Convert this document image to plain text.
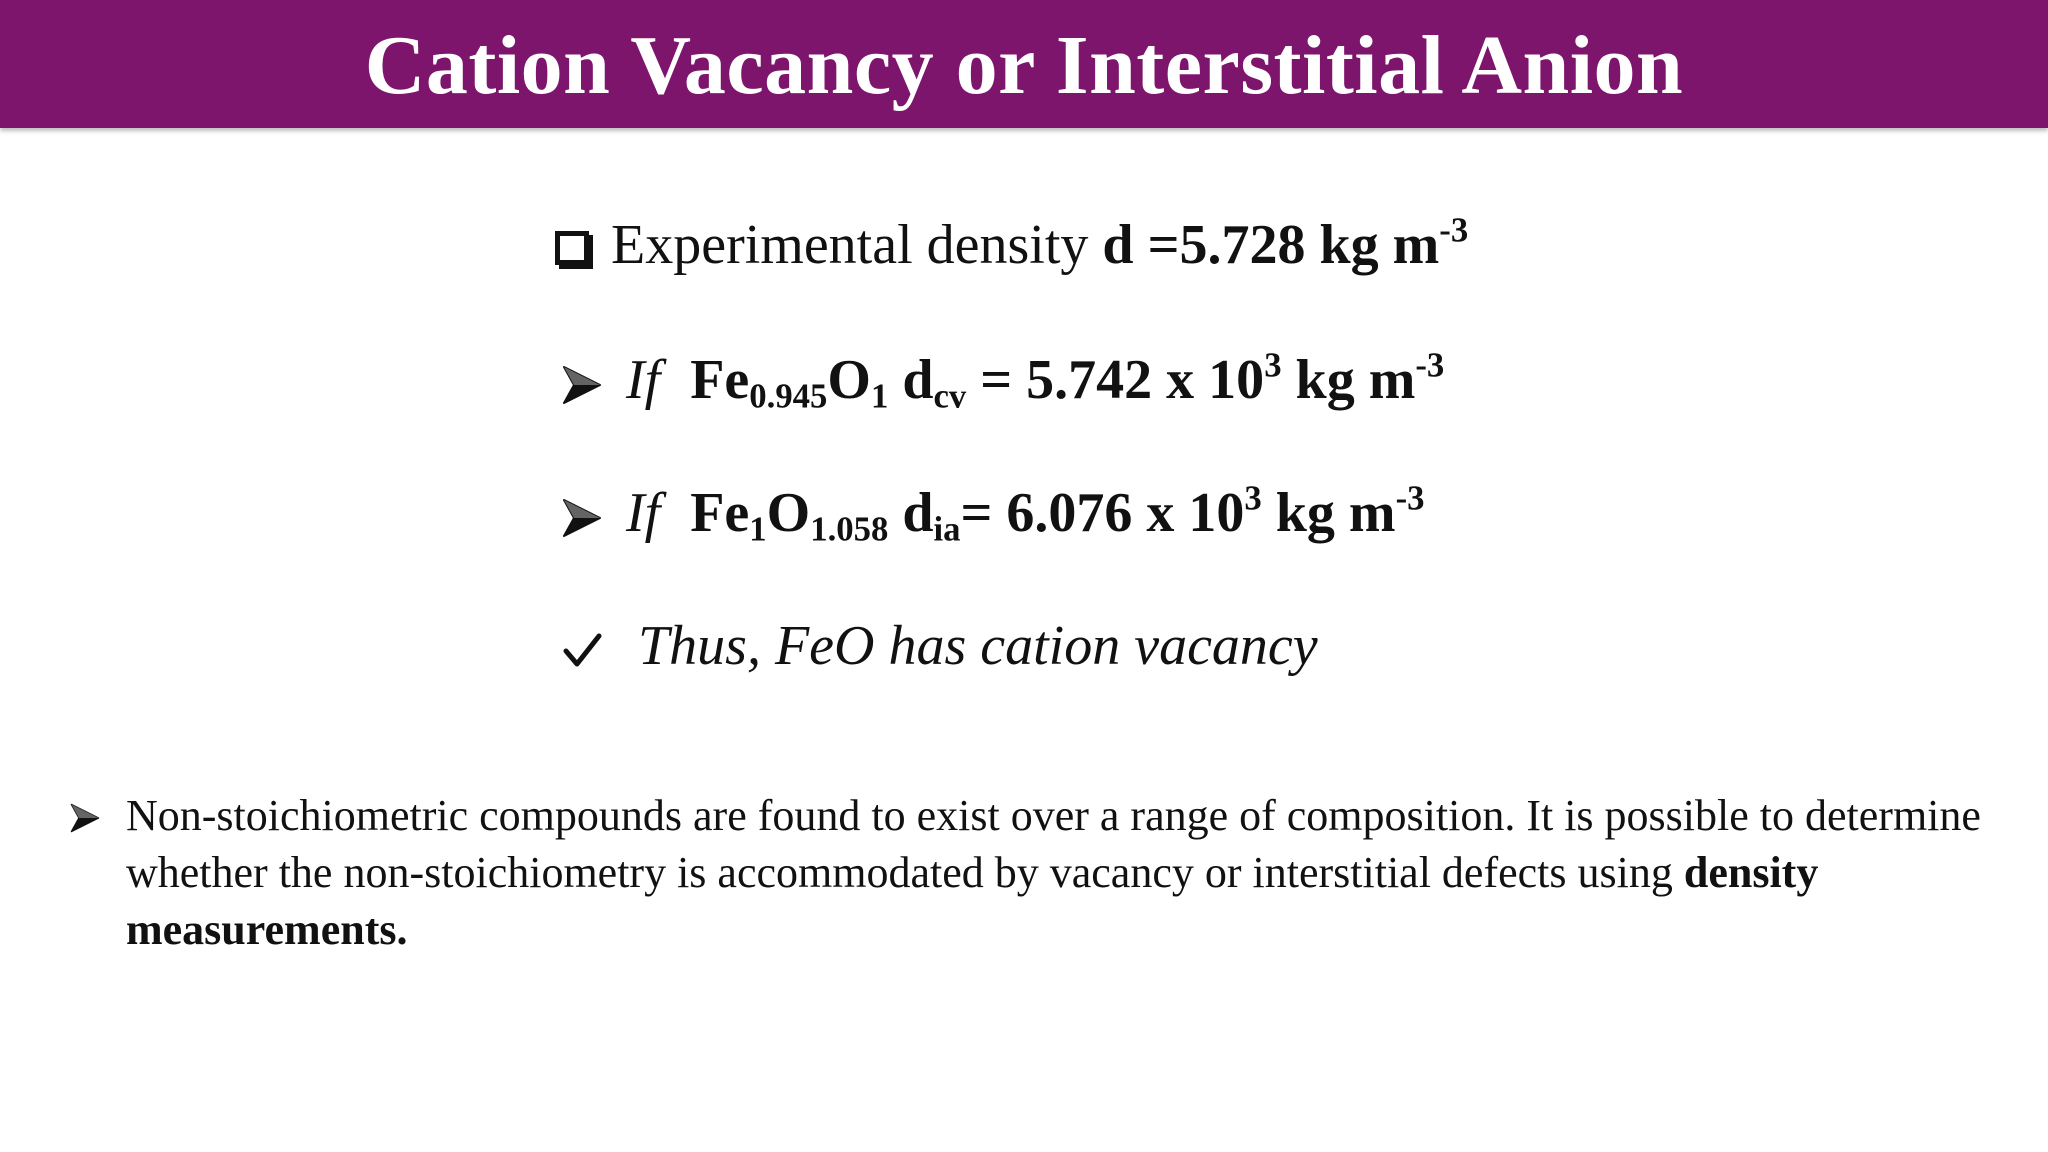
Cation Vacancy or Interstitial Anion
Experimental density d =5.728 kg $m^{-3}$
If $Fe_{0.945}O_1$ $d_{cv} = 5.742$ x $10^3$ kg $m^{-3}$
If $Fe_1O_{1.058}$ $d_{ia}= 6.076$ x $10^3$ kg $m^{-3}$
Thus, FeO has cation vacancy
Non-stoichiometric compounds are found to exist over a range of composition. It is possible to determine whether the non-stoichiometry is accommodated by vacancy or interstitial defects using density measurements.
